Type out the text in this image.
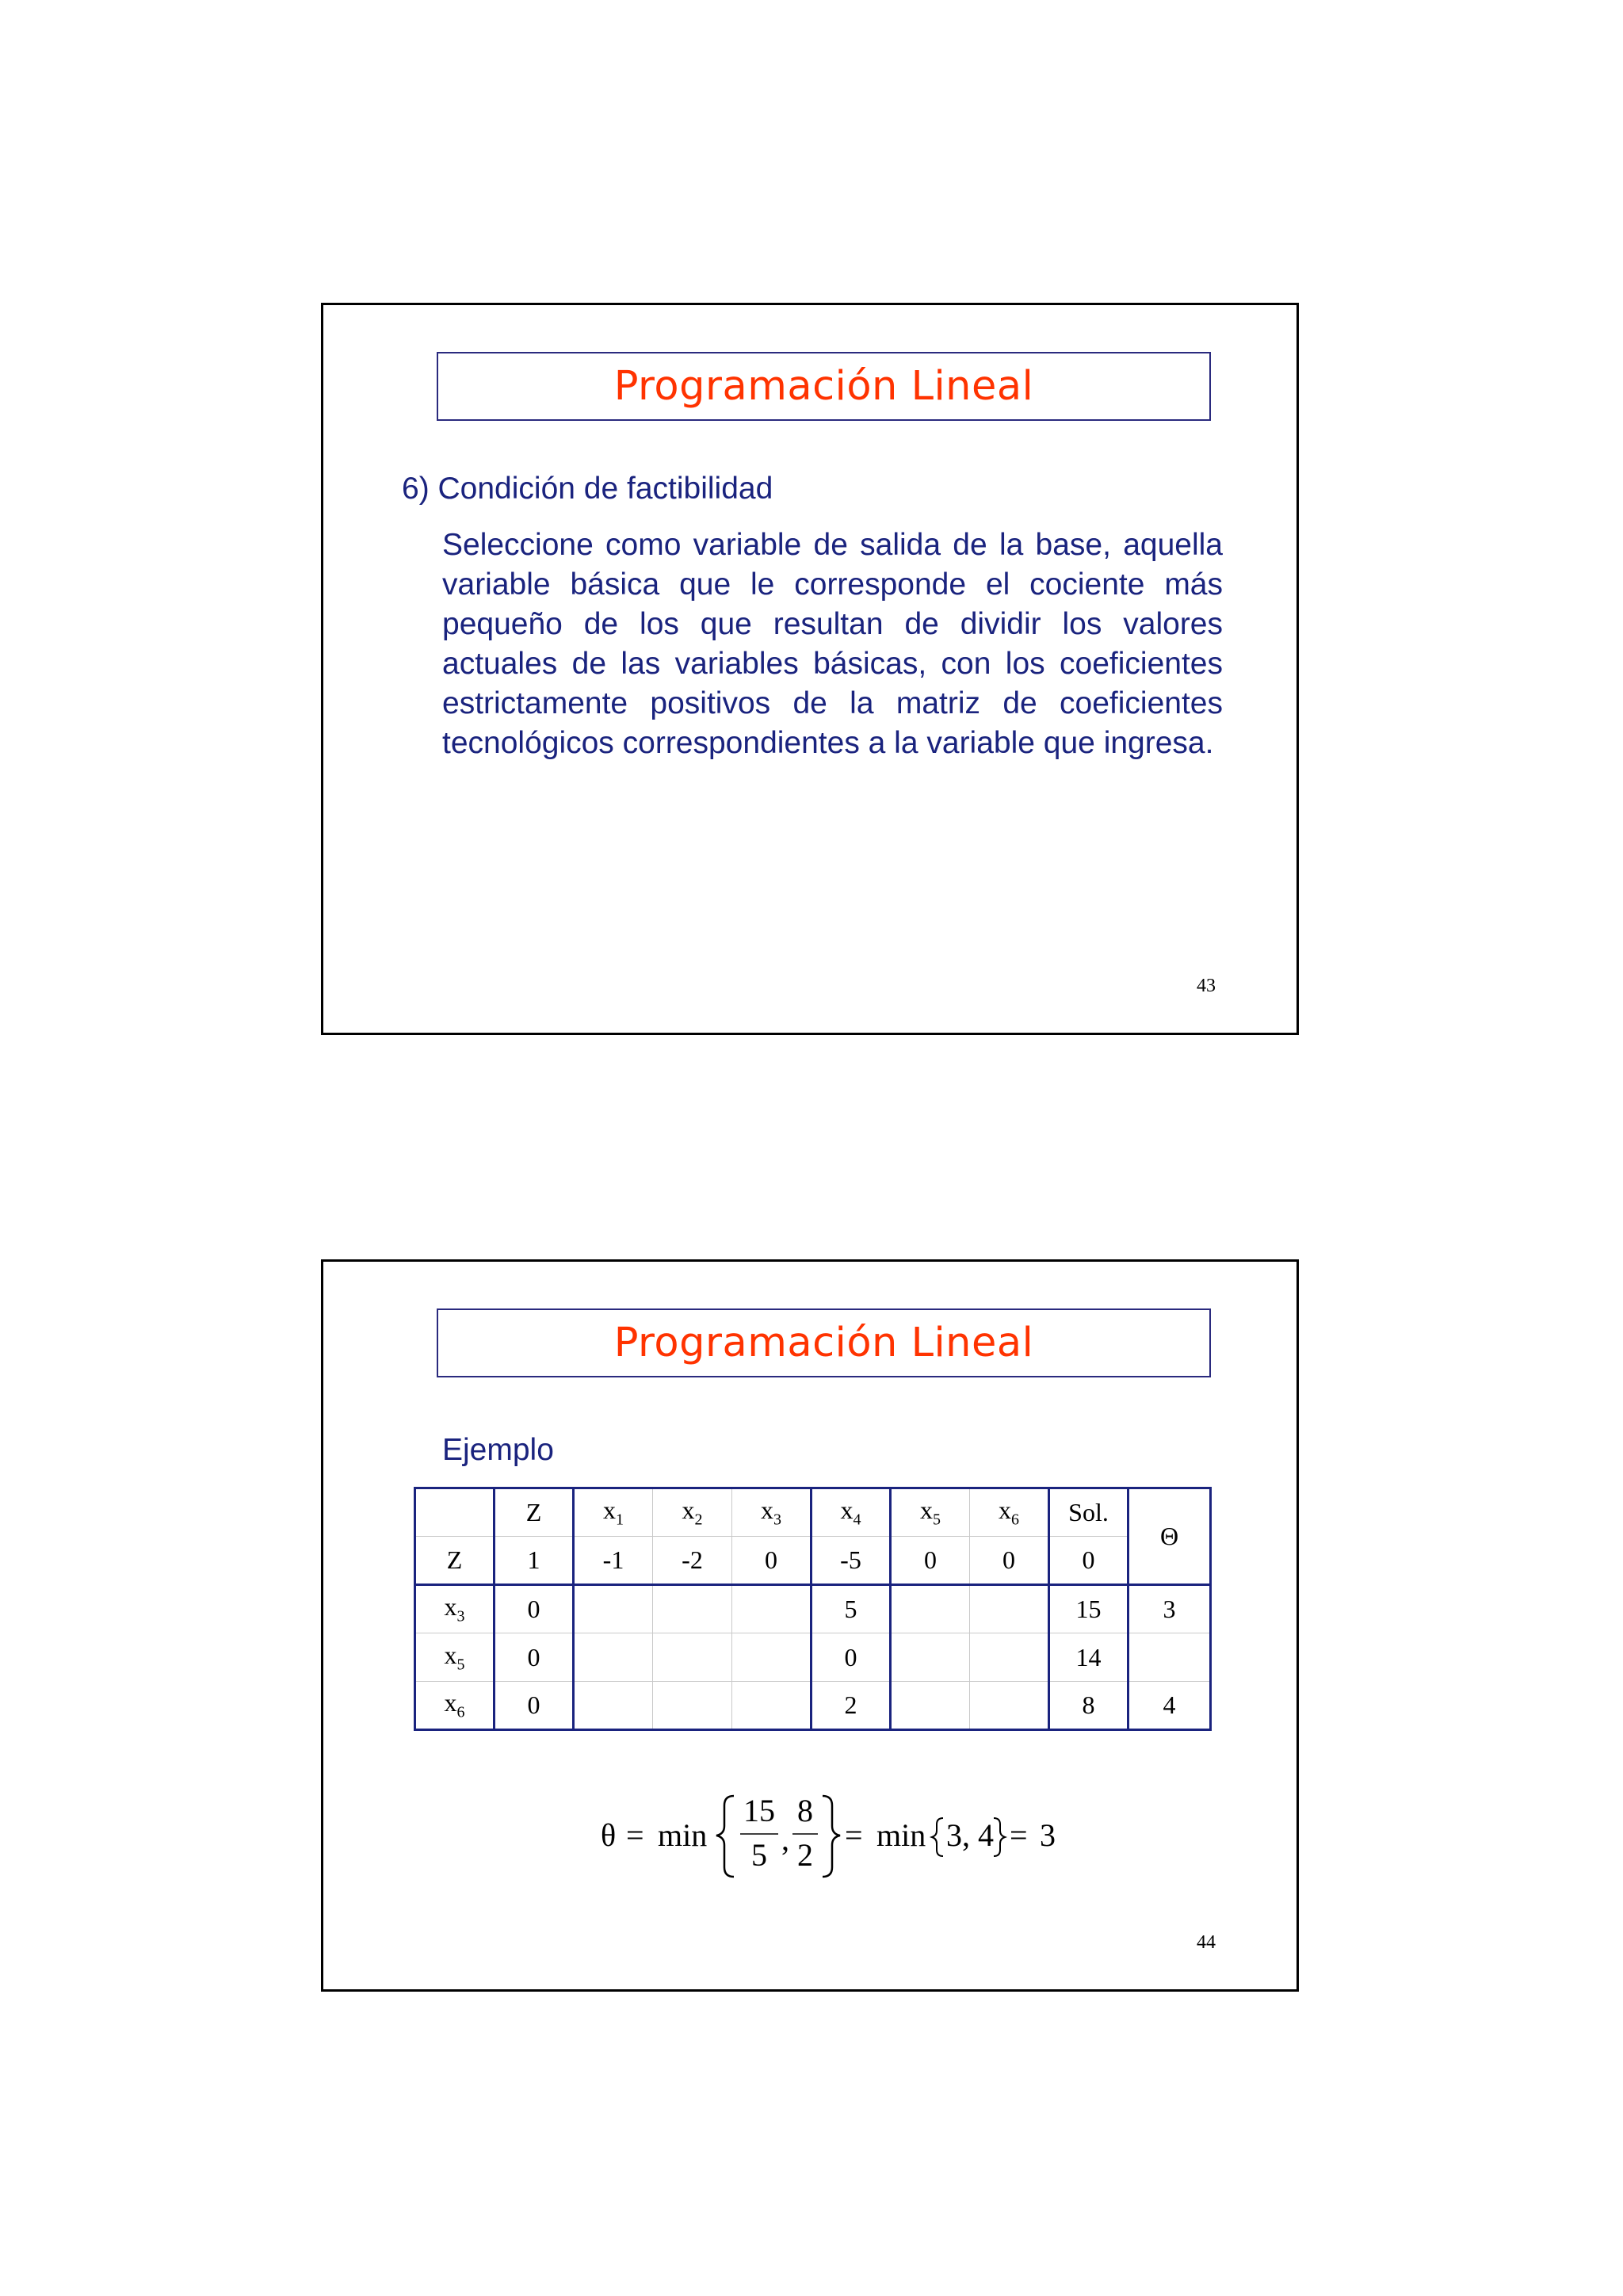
Programación Lineal
6) Condición de factibilidad

Seleccione como variable de salida de la base, aquella variable básica que le corresponde el cociente más pequeño de los que resultan de dividir los valores actuales de las variables básicas, con los coeficientes estrictamente positivos de la matriz de coeficientes tecnológicos correspondientes a la variable que ingresa.

43
Programación Lineal
Ejemplo
	Z	$x_1$	$x_2$	$x_3$	$x_4$	$x_5$	$x_6$	Sol.	Θ
Z	1	-1	-2	0	-5	0	0	0	
$x_3$	0				5			15	3
$x_5$	0				0			14	
$x_6$	0				2			8	4
θ = min
15
5 ,
8
2
= min 3, 4 = 3
44
